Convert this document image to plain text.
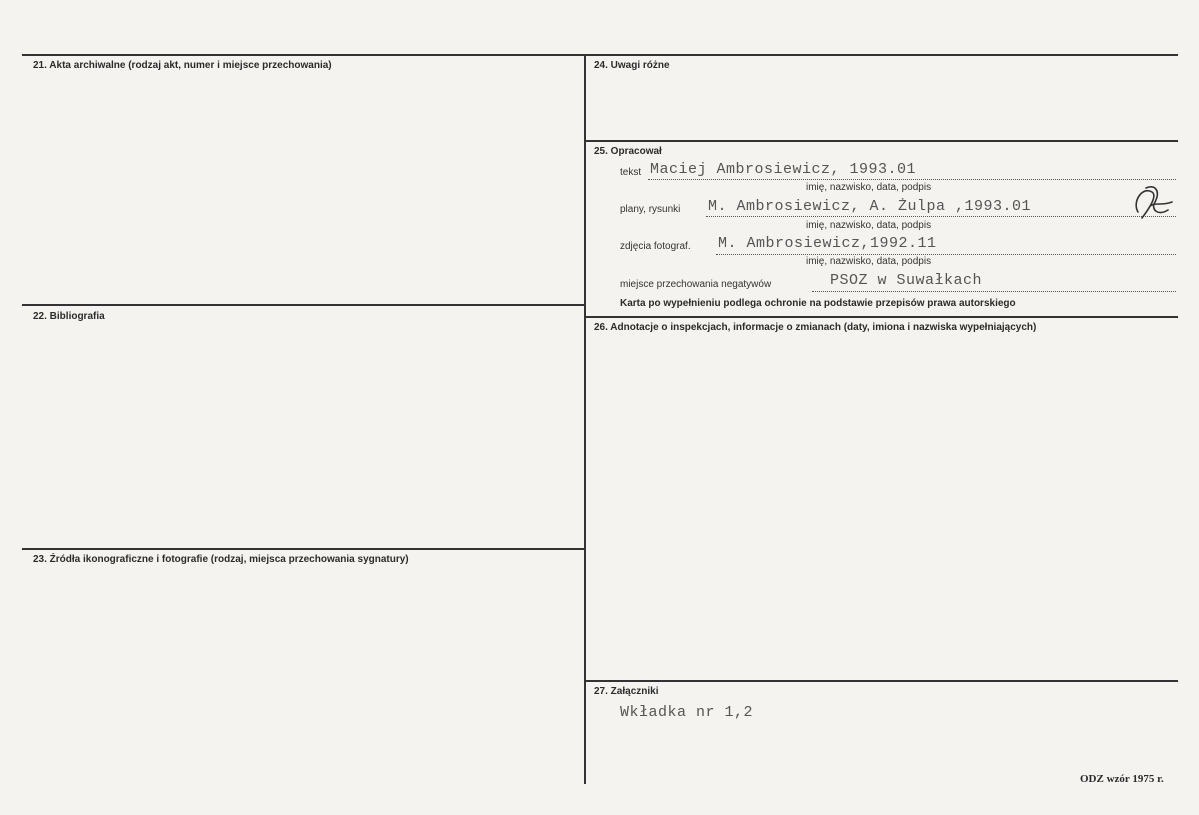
21. Akta archiwalne (rodzaj akt, numer i miejsce przechowania)
22. Bibliografia
23. Źródła ikonograficzne i fotografie (rodzaj, miejsca przechowania sygnatury)
24. Uwagi różne
25. Opracował
tekst Maciej Ambrosiewicz, 1993.01
imię, nazwisko, data, podpis
plany, rysunki M. Ambrosiewicz, A. Żulpa ,1993.01
imię, nazwisko, data, podpis
zdjęcia fotograf. M. Ambrosiewicz,1992.11
imię, nazwisko, data, podpis
miejsce przechowania negatywów	PSOZ w Suwałkach
Karta po wypełnieniu podlega ochronie na podstawie przepisów prawa autorskiego
26. Adnotacje o inspekcjach, informacje o zmianach (daty, imiona i nazwiska wypełniających)
27. Załączniki
Wkładka nr 1,2
ODZ wzór 1975 r.
